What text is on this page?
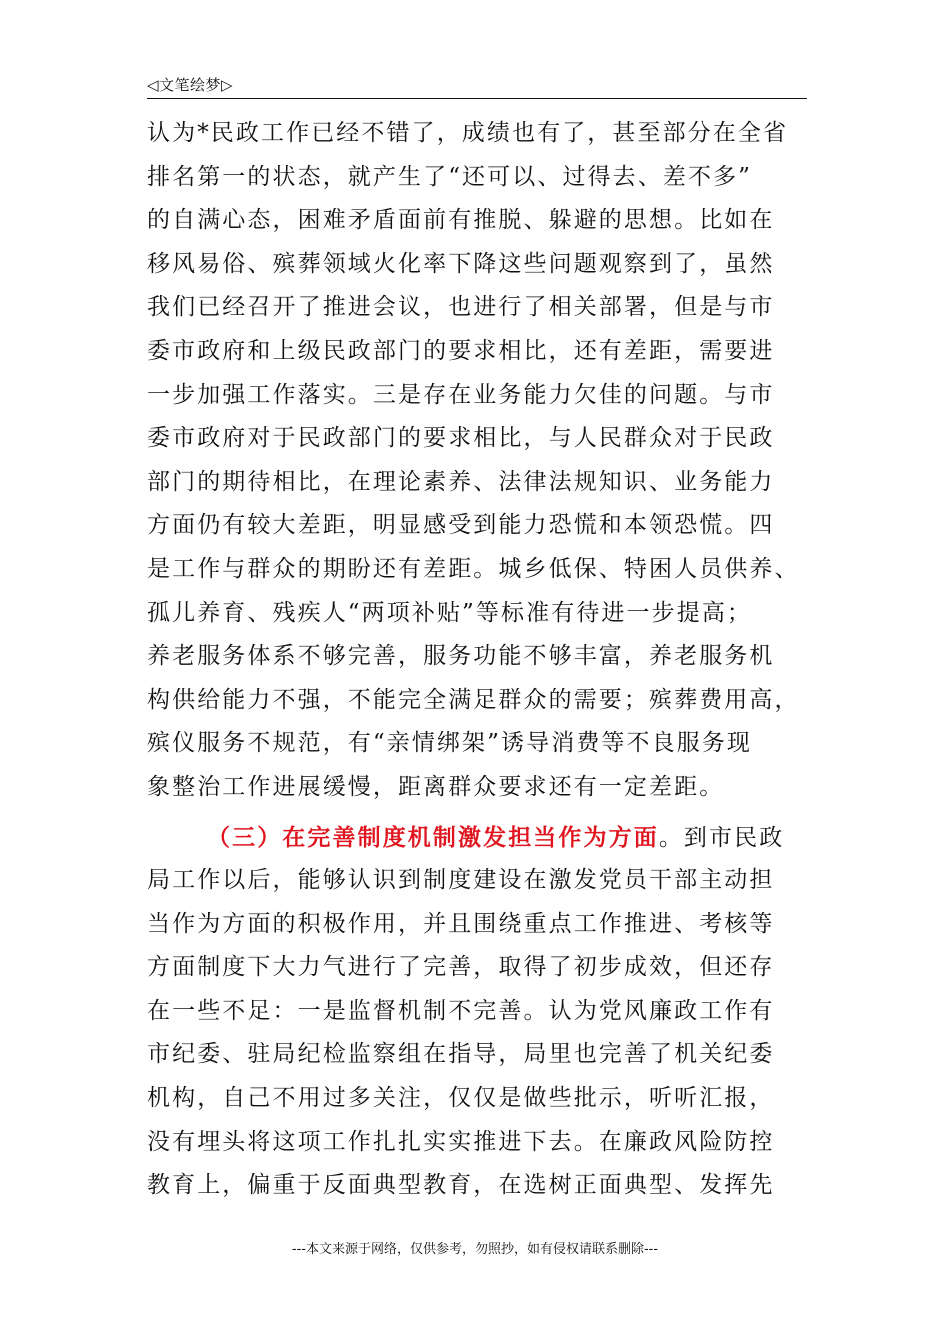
◁文笔绘梦▷
认为*民政工作已经不错了，成绩也有了，甚至部分在全省
排名第一的状态，就产生了“还可以、过得去、差不多”
的自满心态，困难矛盾面前有推脱、躲避的思想。比如在
移风易俗、殡葬领域火化率下降这些问题观察到了，虽然
我们已经召开了推进会议，也进行了相关部署，但是与市
委市政府和上级民政部门的要求相比，还有差距，需要进
一步加强工作落实。三是存在业务能力欠佳的问题。与市
委市政府对于民政部门的要求相比，与人民群众对于民政
部门的期待相比，在理论素养、法律法规知识、业务能力
方面仍有较大差距，明显感受到能力恐慌和本领恐慌。四
是工作与群众的期盼还有差距。城乡低保、特困人员供养、
孤儿养育、残疾人“两项补贴”等标准有待进一步提高；
养老服务体系不够完善，服务功能不够丰富，养老服务机
构供给能力不强，不能完全满足群众的需要；殡葬费用高，
殡仪服务不规范，有“亲情绑架”诱导消费等不良服务现
象整治工作进展缓慢，距离群众要求还有一定差距。
（三）在完善制度机制激发担当作为方面。到市民政
局工作以后，能够认识到制度建设在激发党员干部主动担
当作为方面的积极作用，并且围绕重点工作推进、考核等
方面制度下大力气进行了完善，取得了初步成效，但还存
在一些不足：一是监督机制不完善。认为党风廉政工作有
市纪委、驻局纪检监察组在指导，局里也完善了机关纪委
机构，自己不用过多关注，仅仅是做些批示，听听汇报，
没有埋头将这项工作扎扎实实推进下去。在廉政风险防控
教育上，偏重于反面典型教育，在选树正面典型、发挥先
---本文来源于网络，仅供参考，勿照抄，如有侵权请联系删除---
